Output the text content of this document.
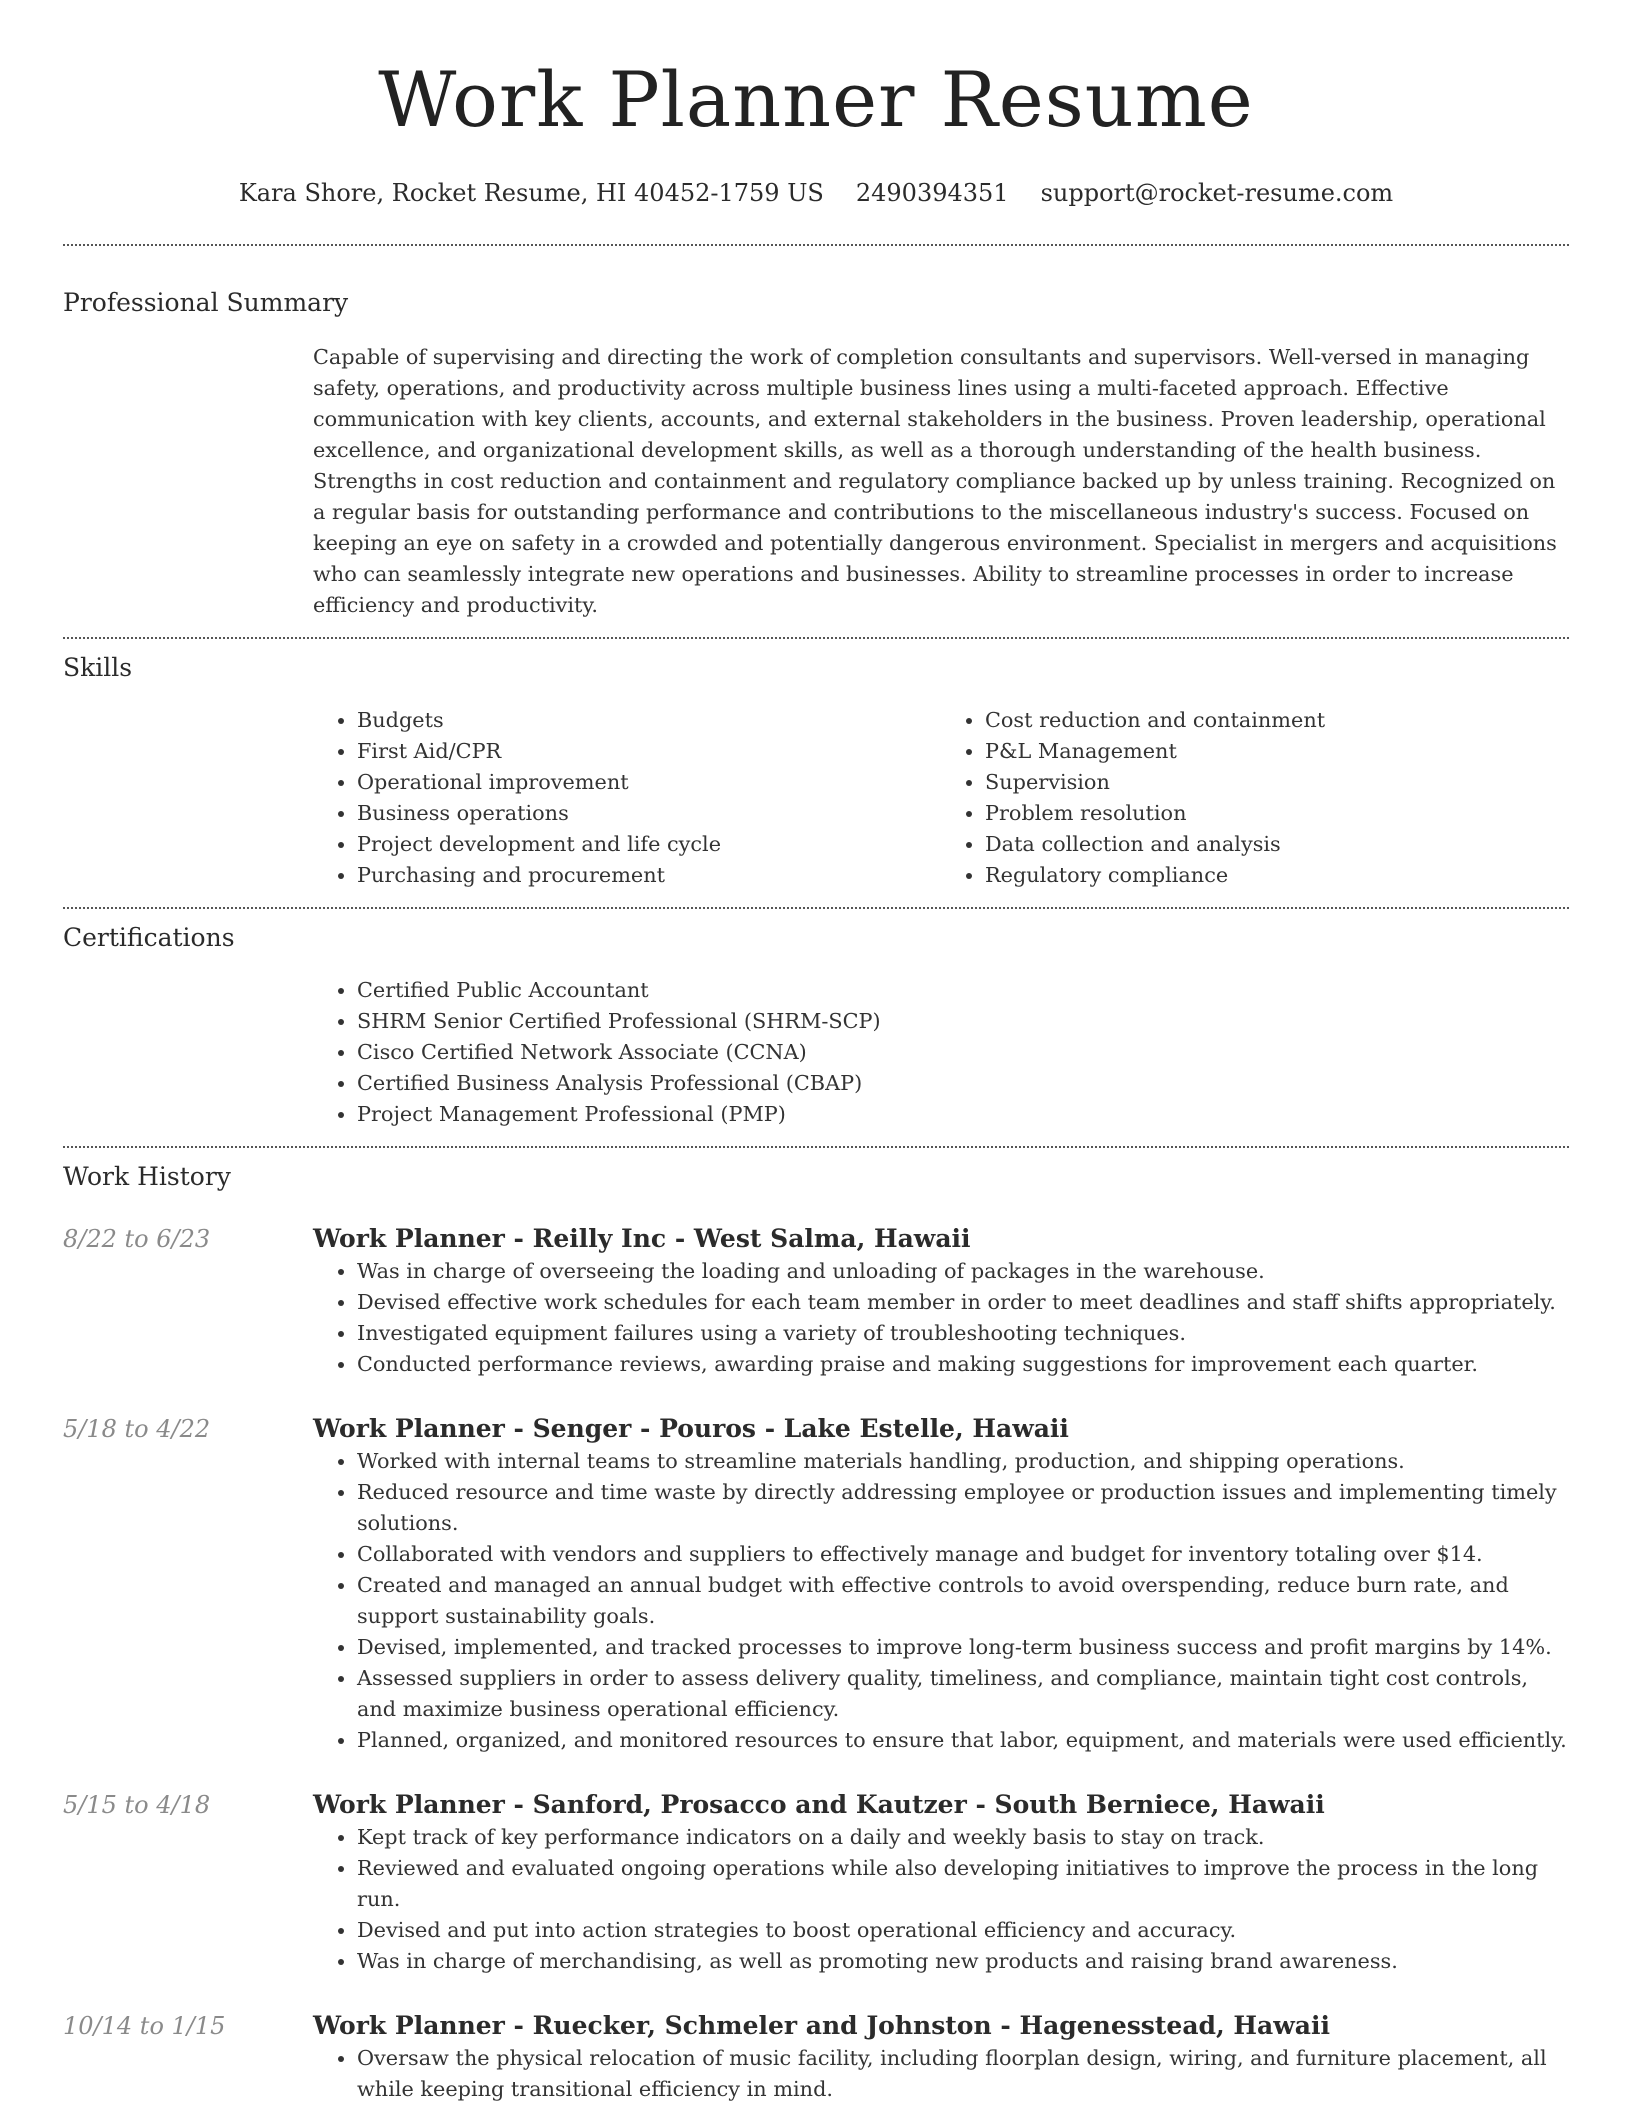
Work Planner Resume
Kara Shore, Rocket Resume, HI 40452-1759 US 2490394351 support@rocket-resume.com
Professional Summary

Capable of supervising and directing the work of completion consultants and supervisors. Well-versed in managing safety, operations, and productivity across multiple business lines using a multi-faceted approach. Effective communication with key clients, accounts, and external stakeholders in the business. Proven leadership, operational excellence, and organizational development skills, as well as a thorough understanding of the health business. Strengths in cost reduction and containment and regulatory compliance backed up by unless training. Recognized on a regular basis for outstanding performance and contributions to the miscellaneous industry's success. Focused on keeping an eye on safety in a crowded and potentially dangerous environment. Specialist in mergers and acquisitions who can seamlessly integrate new operations and businesses. Ability to streamline processes in order to increase efficiency and productivity.

Skills
• Budgets
• First Aid/CPR
• Operational improvement
• Business operations
• Project development and life cycle
• Purchasing and procurement
• Cost reduction and containment
• P&L Management
• Supervision
• Problem resolution
• Data collection and analysis
• Regulatory compliance
Certifications
• Certified Public Accountant
• SHRM Senior Certified Professional (SHRM-SCP)
• Cisco Certified Network Associate (CCNA)
• Certified Business Analysis Professional (CBAP)
• Project Management Professional (PMP)
Work History
8/22 to 6/23	Work Planner - Reilly Inc - West Salma, Hawaii
• Was in charge of overseeing the loading and unloading of packages in the warehouse.
• Devised effective work schedules for each team member in order to meet deadlines and staff shifts appropriately.
• Investigated equipment failures using a variety of troubleshooting techniques.
• Conducted performance reviews, awarding praise and making suggestions for improvement each quarter.
5/18 to 4/22	Work Planner - Senger - Pouros - Lake Estelle, Hawaii
• Worked with internal teams to streamline materials handling, production, and shipping operations.
• Reduced resource and time waste by directly addressing employee or production issues and implementing timely solutions.
• Collaborated with vendors and suppliers to effectively manage and budget for inventory totaling over $14.
• Created and managed an annual budget with effective controls to avoid overspending, reduce burn rate, and support sustainability goals.
• Devised, implemented, and tracked processes to improve long-term business success and profit margins by 14%.
• Assessed suppliers in order to assess delivery quality, timeliness, and compliance, maintain tight cost controls, and maximize business operational efficiency.
• Planned, organized, and monitored resources to ensure that labor, equipment, and materials were used efficiently.
5/15 to 4/18	Work Planner - Sanford, Prosacco and Kautzer - South Berniece, Hawaii
• Kept track of key performance indicators on a daily and weekly basis to stay on track.
• Reviewed and evaluated ongoing operations while also developing initiatives to improve the process in the long run.
• Devised and put into action strategies to boost operational efficiency and accuracy.
• Was in charge of merchandising, as well as promoting new products and raising brand awareness.
10/14 to 1/15	Work Planner - Ruecker, Schmeler and Johnston - Hagenesstead, Hawaii
• Oversaw the physical relocation of music facility, including floorplan design, wiring, and furniture placement, all while keeping transitional efficiency in mind.
